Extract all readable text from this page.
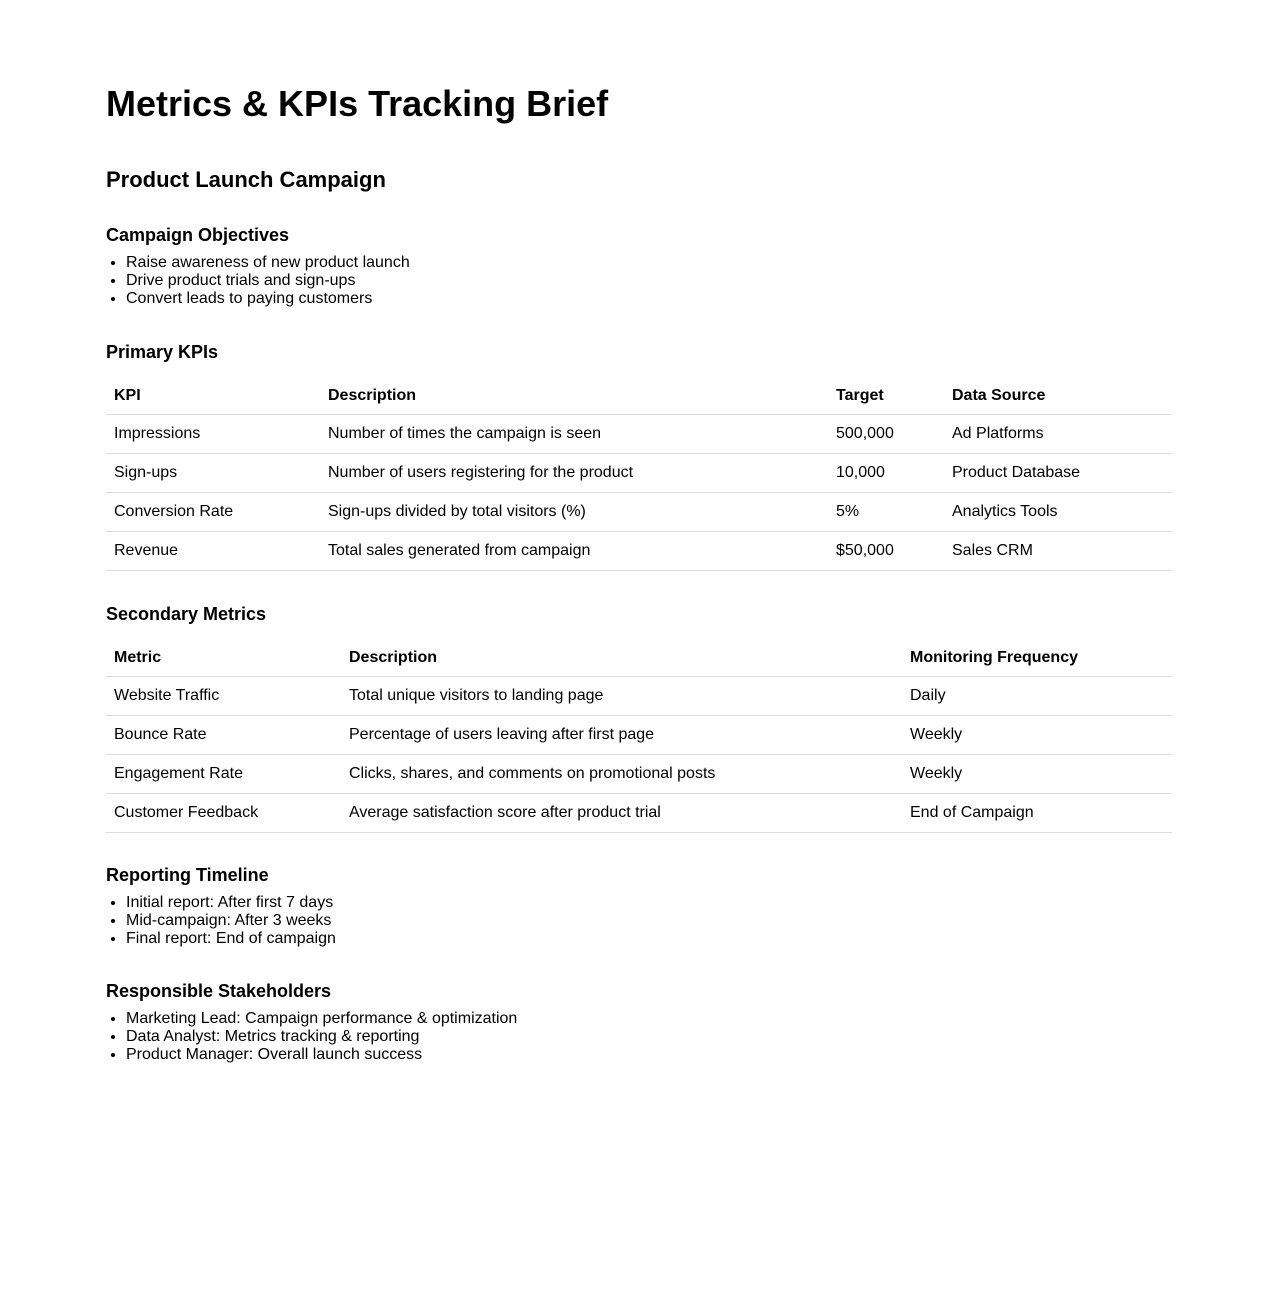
Metrics & KPIs Tracking Brief
Product Launch Campaign
Campaign Objectives
• Raise awareness of new product launch
• Drive product trials and sign-ups
• Convert leads to paying customers
Primary KPIs
KPI	Description	Target	Data Source
Impressions	Number of times the campaign is seen	500,000	Ad Platforms
Sign-ups	Number of users registering for the product	10,000	Product Database
Conversion Rate	Sign-ups divided by total visitors (%)	5%	Analytics Tools
Revenue	Total sales generated from campaign	$50,000	Sales CRM
Secondary Metrics
Metric	Description	Monitoring Frequency
Website Traffic	Total unique visitors to landing page	Daily
Bounce Rate	Percentage of users leaving after first page	Weekly
Engagement Rate	Clicks, shares, and comments on promotional posts	Weekly
Customer Feedback	Average satisfaction score after product trial	End of Campaign
Reporting Timeline
• Initial report: After first 7 days
• Mid-campaign: After 3 weeks
• Final report: End of campaign
Responsible Stakeholders
• Marketing Lead: Campaign performance & optimization
• Data Analyst: Metrics tracking & reporting
• Product Manager: Overall launch success
